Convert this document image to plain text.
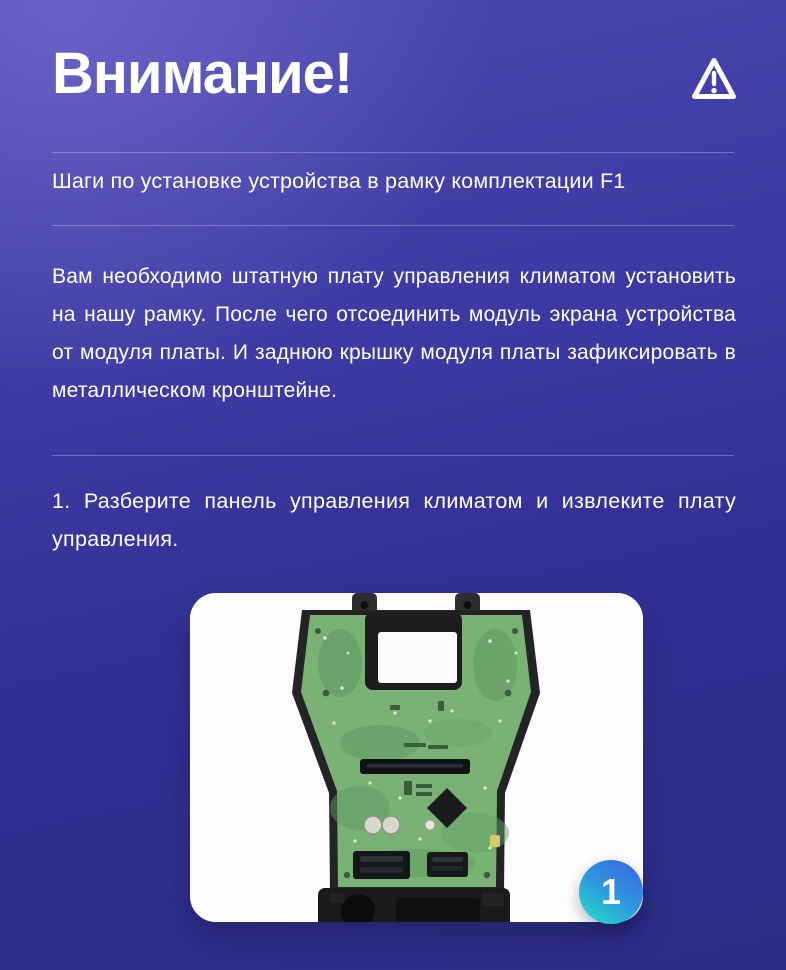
Внимание!

Шаги по установке устройства в рамку комплектации F1

Вам необходимо штатную плату управления климатом установить на нашу рамку. После чего отсоединить модуль экрана устройства от модуля платы. И заднюю крышку модуля платы зафиксировать в металлическом кронштейне.

1. Разберите панель управления климатом и извлеките плату управления.

1
